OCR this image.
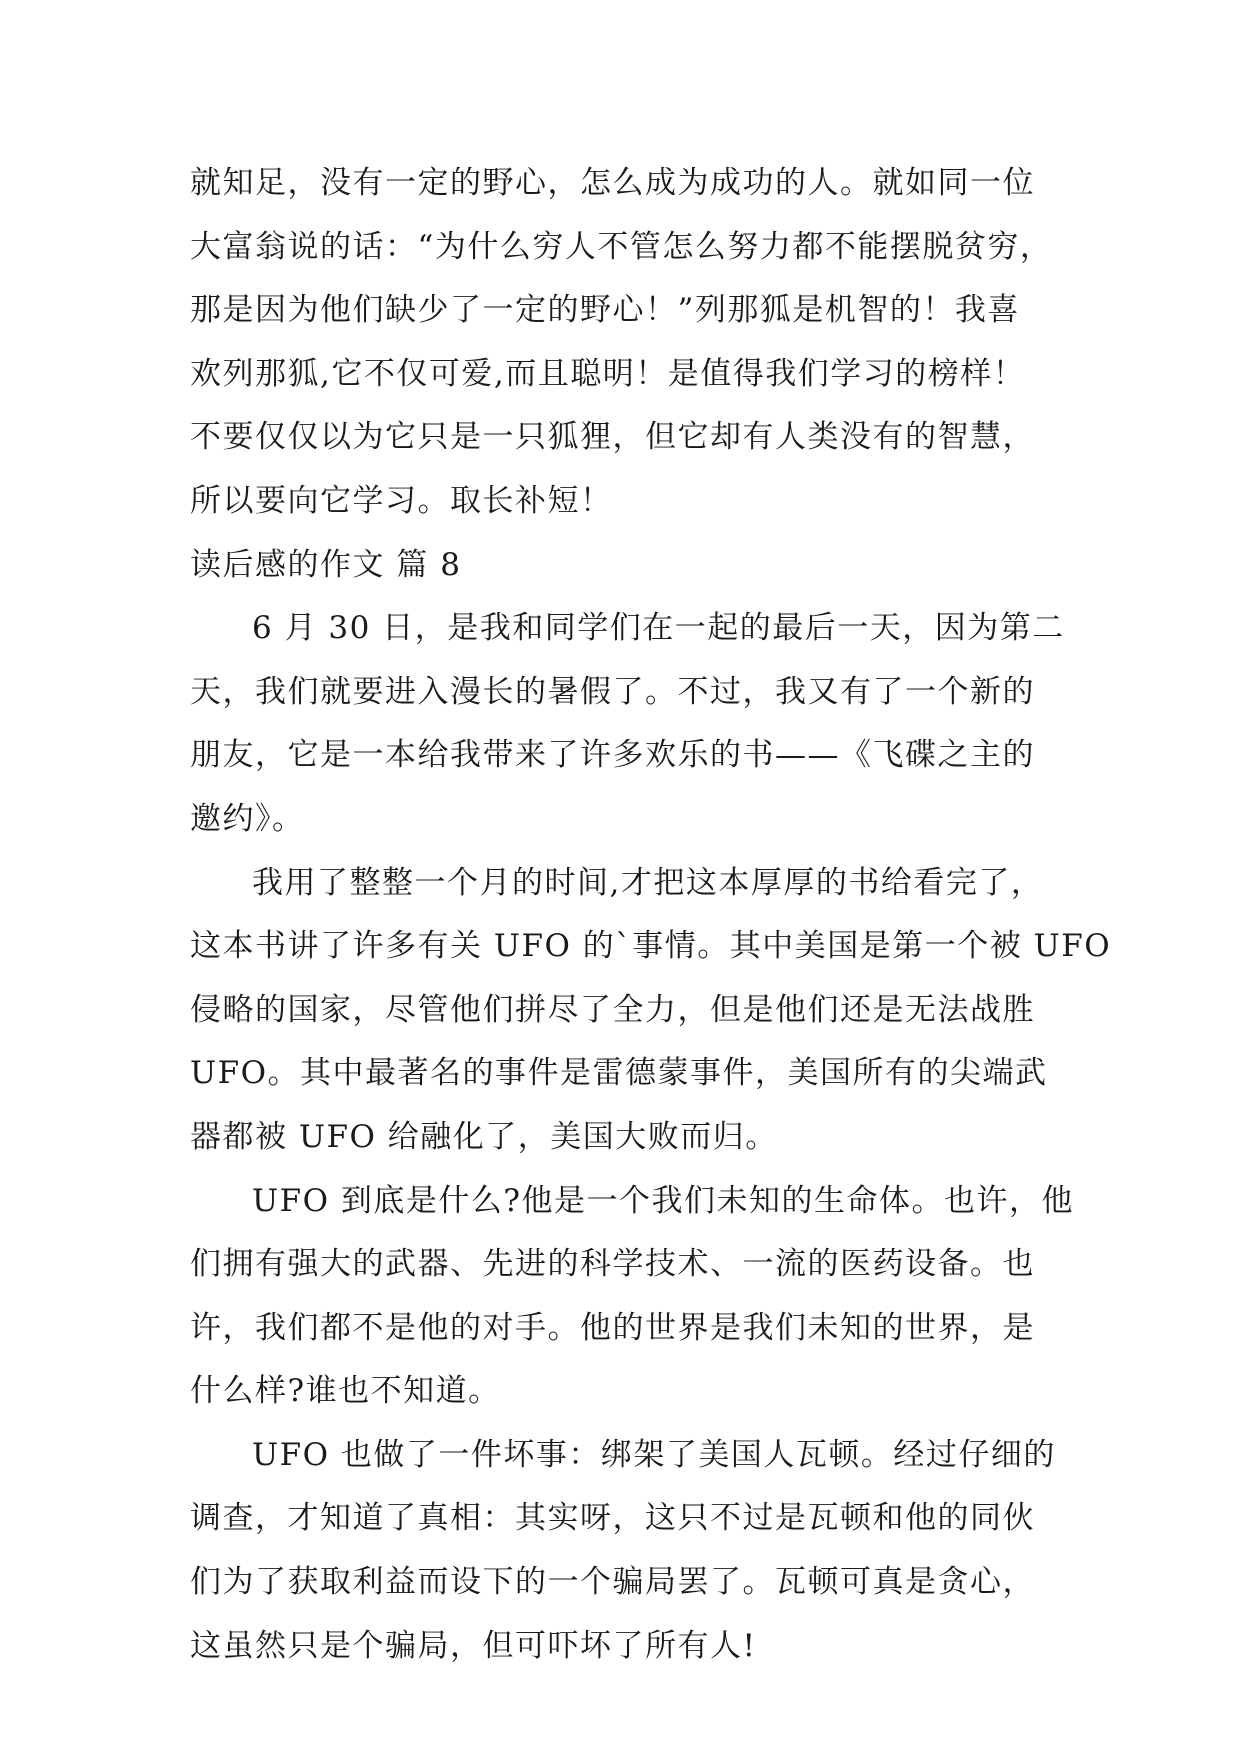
就知足，没有一定的野心，怎么成为成功的人。就如同一位
大富翁说的话：“为什么穷人不管怎么努力都不能摆脱贫穷，
那是因为他们缺少了一定的野心！”列那狐是机智的！我喜
欢列那狐,它不仅可爱,而且聪明！是值得我们学习的榜样！
不要仅仅以为它只是一只狐狸，但它却有人类没有的智慧，
所以要向它学习。取长补短！
读后感的作文 篇 8
6 月 30 日，是我和同学们在一起的最后一天，因为第二
天，我们就要进入漫长的暑假了。不过，我又有了一个新的
朋友，它是一本给我带来了许多欢乐的书——《飞碟之主的
邀约》。
我用了整整一个月的时间,才把这本厚厚的书给看完了，
这本书讲了许多有关 UFO 的`事情。其中美国是第一个被 UFO
侵略的国家，尽管他们拼尽了全力，但是他们还是无法战胜
UFO。其中最著名的事件是雷德蒙事件，美国所有的尖端武
器都被 UFO 给融化了，美国大败而归。
UFO 到底是什么?他是一个我们未知的生命体。也许，他
们拥有强大的武器、先进的科学技术、一流的医药设备。也
许，我们都不是他的对手。他的世界是我们未知的世界，是
什么样?谁也不知道。
UFO 也做了一件坏事：绑架了美国人瓦顿。经过仔细的
调查，才知道了真相：其实呀，这只不过是瓦顿和他的同伙
们为了获取利益而设下的一个骗局罢了。瓦顿可真是贪心，
这虽然只是个骗局，但可吓坏了所有人!
